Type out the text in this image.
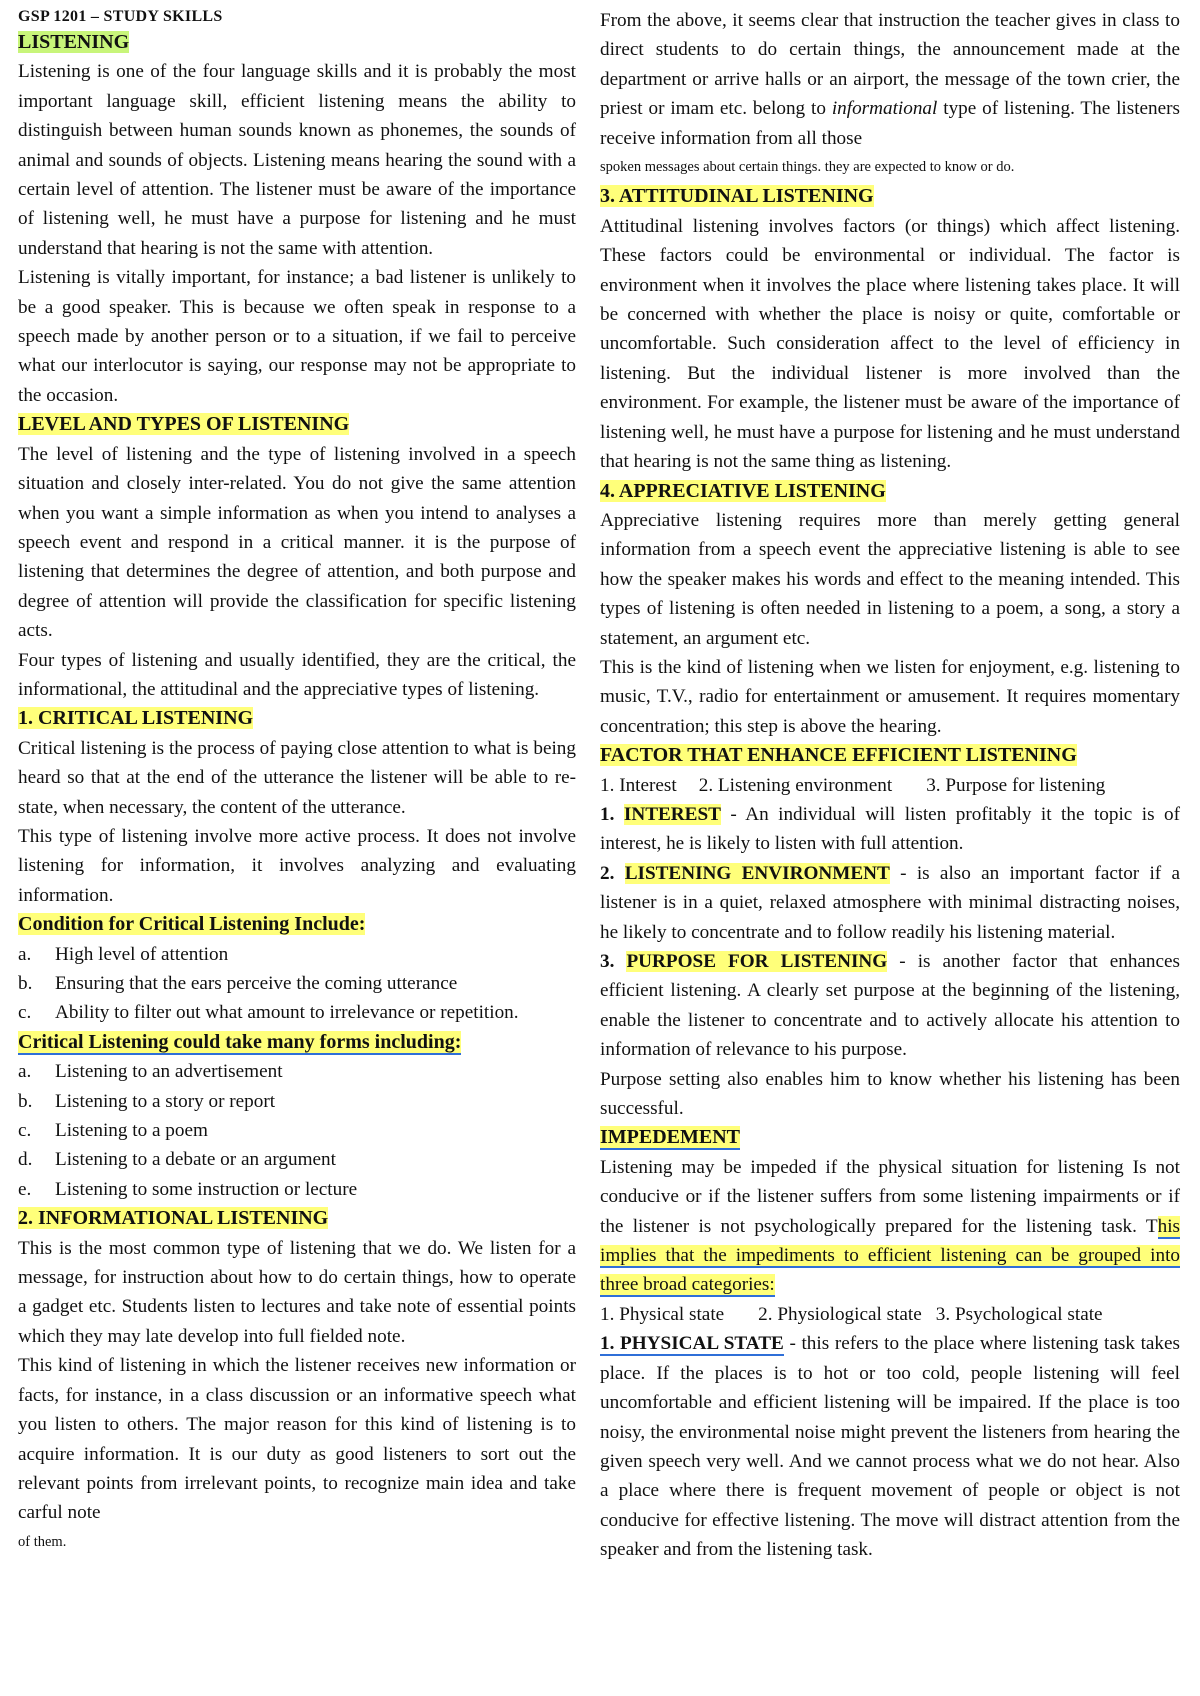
GSP 1201 – STUDY SKILLS
LISTENING

Listening is one of the four language skills and it is probably the most important language skill, efficient listening means the ability to distinguish between human sounds known as phonemes, the sounds of animal and sounds of objects. Listening means hearing the sound with a certain level of attention. The listener must be aware of the importance of listening well, he must have a purpose for listening and he must understand that hearing is not the same with attention.

Listening is vitally important, for instance; a bad listener is unlikely to be a good speaker. This is because we often speak in response to a speech made by another person or to a situation, if we fail to perceive what our interlocutor is saying, our response may not be appropriate to the occasion.

LEVEL AND TYPES OF LISTENING

The level of listening and the type of listening involved in a speech situation and closely inter-related. You do not give the same attention when you want a simple information as when you intend to analyses a speech event and respond in a critical manner. it is the purpose of listening that determines the degree of attention, and both purpose and degree of attention will provide the classification for specific listening acts.

Four types of listening and usually identified, they are the critical, the informational, the attitudinal and the appreciative types of listening.

1. CRITICAL LISTENING

Critical listening is the process of paying close attention to what is being heard so that at the end of the utterance the listener will be able to re-state, when necessary, the content of the utterance.

This type of listening involve more active process. It does not involve listening for information, it involves analyzing and evaluating information.

Condition for Critical Listening Include:
a. High level of attention
b. Ensuring that the ears perceive the coming utterance
c. Ability to filter out what amount to irrelevance or repetition.
Critical Listening could take many forms including:
a. Listening to an advertisement
b. Listening to a story or report
c. Listening to a poem
d. Listening to a debate or an argument
e. Listening to some instruction or lecture
2. INFORMATIONAL LISTENING

This is the most common type of listening that we do. We listen for a message, for instruction about how to do certain things, how to operate a gadget etc. Students listen to lectures and take note of essential points which they may late develop into full fielded note.

This kind of listening in which the listener receives new information or facts, for instance, in a class discussion or an informative speech what you listen to others. The major reason for this kind of listening is to acquire information. It is our duty as good listeners to sort out the relevant points from irrelevant points, to recognize main idea and take carful note

of them.

From the above, it seems clear that instruction the teacher gives in class to direct students to do certain things, the announcement made at the department or arrive halls or an airport, the message of the town crier, the priest or imam etc. belong to informational type of listening. The listeners receive information from all those

spoken messages about certain things. they are expected to know or do.

3. ATTITUDINAL LISTENING

Attitudinal listening involves factors (or things) which affect listening. These factors could be environmental or individual. The factor is environment when it involves the place where listening takes place. It will be concerned with whether the place is noisy or quite, comfortable or uncomfortable. Such consideration affect to the level of efficiency in listening. But the individual listener is more involved than the environment. For example, the listener must be aware of the importance of listening well, he must have a purpose for listening and he must understand that hearing is not the same thing as listening.

4. APPRECIATIVE LISTENING

Appreciative listening requires more than merely getting general information from a speech event the appreciative listening is able to see how the speaker makes his words and effect to the meaning intended. This types of listening is often needed in listening to a poem, a song, a story a statement, an argument etc.

This is the kind of listening when we listen for enjoyment, e.g. listening to music, T.V., radio for entertainment or amusement. It requires momentary concentration; this step is above the hearing.

FACTOR THAT ENHANCE EFFICIENT LISTENING
1. Interest 2. Listening environment 3. Purpose for listening

1. INTEREST - An individual will listen profitably it the topic is of interest, he is likely to listen with full attention.

2. LISTENING ENVIRONMENT - is also an important factor if a listener is in a quiet, relaxed atmosphere with minimal distracting noises, he likely to concentrate and to follow readily his listening material.

3. PURPOSE FOR LISTENING - is another factor that enhances efficient listening. A clearly set purpose at the beginning of the listening, enable the listener to concentrate and to actively allocate his attention to information of relevance to his purpose.

Purpose setting also enables him to know whether his listening has been successful.

IMPEDEMENT

Listening may be impeded if the physical situation for listening Is not conducive or if the listener suffers from some listening impairments or if the listener is not psychologically prepared for the listening task. This implies that the impediments to efficient listening can be grouped into three broad categories:

1. Physical state 2. Physiological state 3. Psychological state

1. PHYSICAL STATE - this refers to the place where listening task takes place. If the places is to hot or too cold, people listening will feel uncomfortable and efficient listening will be impaired. If the place is too noisy, the environmental noise might prevent the listeners from hearing the given speech very well. And we cannot process what we do not hear. Also a place where there is frequent movement of people or object is not conducive for effective listening. The move will distract attention from the speaker and from the listening task.
